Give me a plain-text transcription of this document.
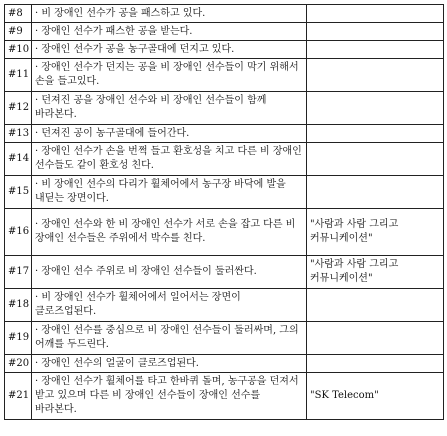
#8	· 비 장애인 선수가 공을 패스하고 있다.	
#9	· 장애인 선수가 패스한 공을 받는다.	
#10	· 장애인 선수가 공을 농구골대에 던지고 있다.	
#11	· 장애인 선수가 던지는 공을 비 장애인 선수들이 막기 위해서 손을 들고있다.	
#12	· 던져진 공을 장애인 선수와 비 장애인 선수들이 함께 바라본다.	
#13	· 던져진 공이 농구골대에 들어간다.	
#14	· 장애인 선수가 손을 번쩍 들고 환호성을 치고 다른 비 장애인 선수들도 같이 환호성 친다.	
#15	· 비 장애인 선수의 다리가 휠체어에서 농구장 바닥에 발을 내딛는 장면이다.	
#16	· 장애인 선수와 한 비 장애인 선수가 서로 손을 잡고 다른 비 장애인 선수들은 주위에서 박수를 친다.	"사람과 사람 그리고 커뮤니케이션"
#17	· 장애인 선수 주위로 비 장애인 선수들이 둘러싼다.	"사람과 사람 그리고 커뮤니케이션"
#18	· 비 장애인 선수가 휠체어에서 일어서는 장면이 클로즈업된다.	
#19	· 장애인 선수를 중심으로 비 장애인 선수들이 둘러싸며, 그의 어깨를 두드린다.	
#20	· 장애인 선수의 얼굴이 클로즈업된다.	
#21	· 장애인 선수가 휠체어를 타고 한바퀴 돌며, 농구공을 던져서 받고 있으며 다른 비 장애인 선수들이 장애인 선수를 바라본다.	"SK Telecom"
